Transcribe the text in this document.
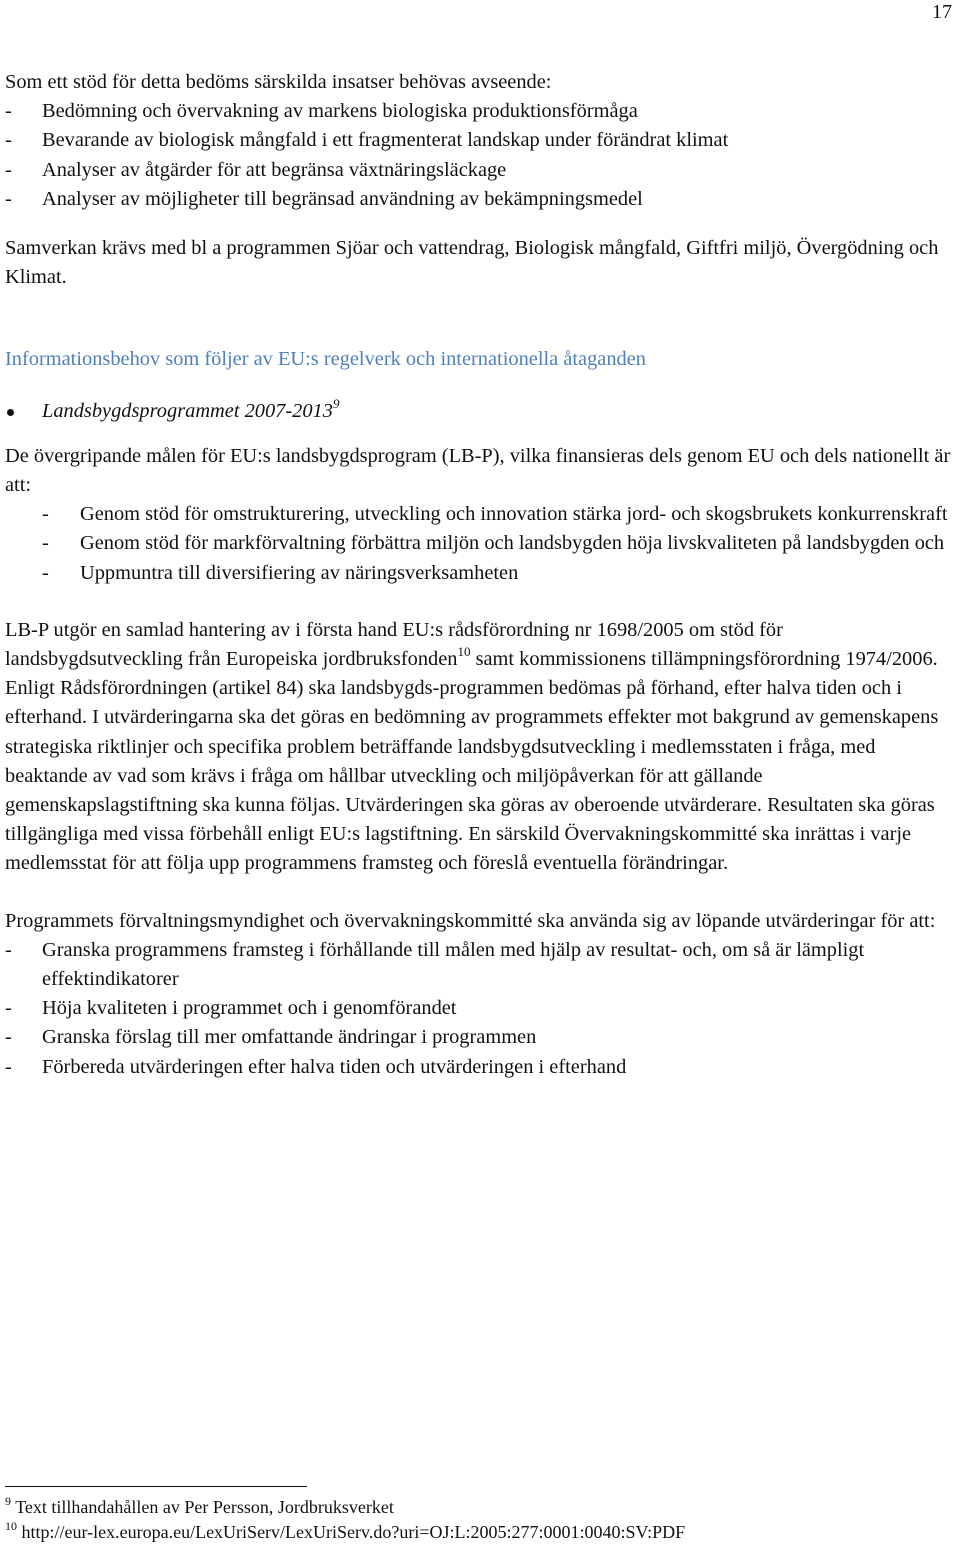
17

Som ett stöd för detta bedöms särskilda insatser behövas avseende:

- Bedömning och övervakning av markens biologiska produktionsförmåga
- Bevarande av biologisk mångfald i ett fragmenterat landskap under förändrat klimat
- Analyser av åtgärder för att begränsa växtnäringsläckage
- Analyser av möjligheter till begränsad användning av bekämpningsmedel

Samverkan krävs med bl a programmen Sjöar och vattendrag, Biologisk mångfald, Giftfri miljö, Övergödning och Klimat.

Informationsbehov som följer av EU:s regelverk och internationella åtaganden

Landsbygdsprogrammet 2007-2013$^9$

De övergripande målen för EU:s landsbygdsprogram (LB-P), vilka finansieras dels genom EU och dels nationellt är att:

- Genom stöd för omstrukturering, utveckling och innovation stärka jord- och skogsbrukets konkurrenskraft
- Genom stöd för markförvaltning förbättra miljön och landsbygden höja livskvaliteten på landsbygden och
- Uppmuntra till diversifiering av näringsverksamheten

LB-P utgör en samlad hantering av i första hand EU:s rådsförordning nr 1698/2005 om stöd för landsbygdsutveckling från Europeiska jordbruksfonden$^{10}$ samt kommissionens tillämpningsförordning 1974/2006. Enligt Rådsförordningen (artikel 84) ska landsbygds-programmen bedömas på förhand, efter halva tiden och i efterhand. I utvärderingarna ska det göras en bedömning av programmets effekter mot bakgrund av gemenskapens strategiska riktlinjer och specifika problem beträffande landsbygdsutveckling i medlemsstaten i fråga, med beaktande av vad som krävs i fråga om hållbar utveckling och miljöpåverkan för att gällande gemenskapslagstiftning ska kunna följas. Utvärderingen ska göras av oberoende utvärderare. Resultaten ska göras tillgängliga med vissa förbehåll enligt EU:s lagstiftning. En särskild Övervakningskommitté ska inrättas i varje medlemsstat för att följa upp programmens framsteg och föreslå eventuella förändringar.

Programmets förvaltningsmyndighet och övervakningskommitté ska använda sig av löpande utvärderingar för att:

- Granska programmens framsteg i förhållande till målen med hjälp av resultat- och, om så är lämpligt effektindikatorer
- Höja kvaliteten i programmet och i genomförandet
- Granska förslag till mer omfattande ändringar i programmen
- Förbereda utvärderingen efter halva tiden och utvärderingen i efterhand
$^9$ Text tillhandahållen av Per Persson, Jordbruksverket
$^{10}$ http://eur-lex.europa.eu/LexUriServ/LexUriServ.do?uri=OJ:L:2005:277:0001:0040:SV:PDF
